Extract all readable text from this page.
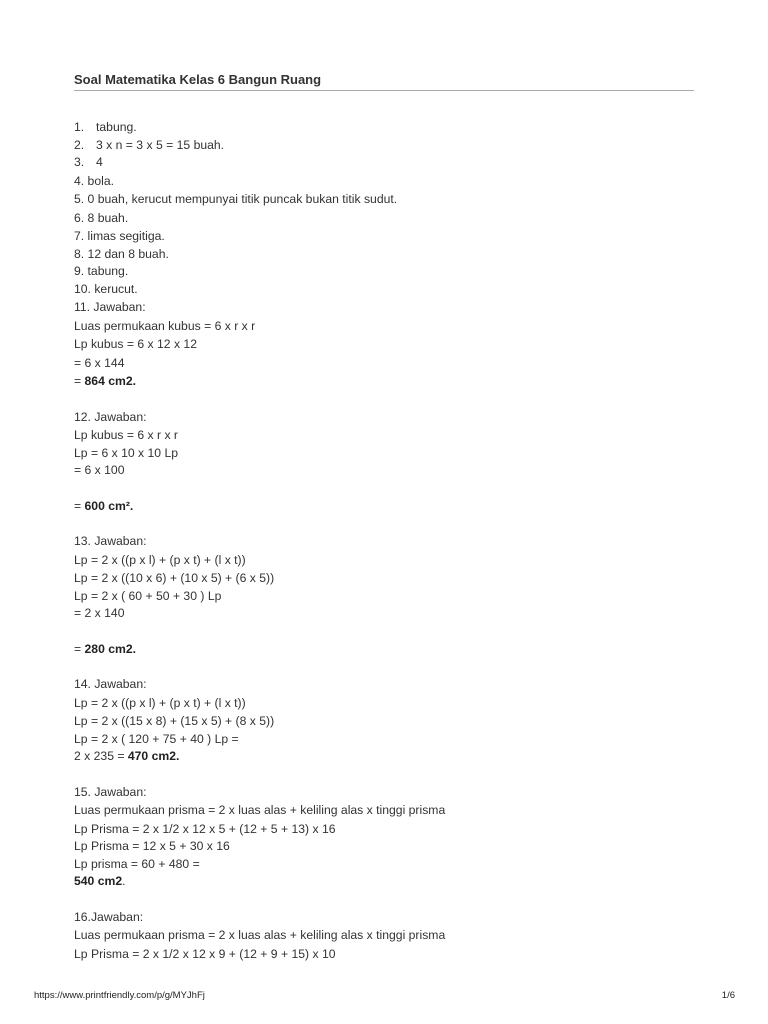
Soal Matematika Kelas 6 Bangun Ruang
1. tabung.
2. 3 x n = 3 x 5 = 15 buah.
3. 4
4. bola.
5. 0 buah, kerucut mempunyai titik puncak bukan titik sudut.
6. 8 buah.
7. limas segitiga.
8. 12 dan 8 buah.
9. tabung.
10. kerucut.
11. Jawaban:
Luas permukaan kubus = 6 x r x r
Lp kubus = 6 x 12 x 12
= 6 x 144
= 864 cm2.
12. Jawaban:
Lp kubus = 6 x r x r
Lp = 6 x 10 x 10 Lp
= 6 x 100
= 600 cm².
13. Jawaban:
Lp = 2 x ((p x l) + (p x t) + (l x t))
Lp = 2 x ((10 x 6) + (10 x 5) + (6 x 5))
Lp = 2 x ( 60 + 50 + 30 ) Lp
= 2 x 140
= 280 cm2.
14. Jawaban:
Lp = 2 x ((p x l) + (p x t) + (l x t))
Lp = 2 x ((15 x 8) + (15 x 5) + (8 x 5))
Lp = 2 x ( 120 + 75 + 40 ) Lp =
2 x 235 = 470 cm2.
15. Jawaban:
Luas permukaan prisma = 2 x luas alas + keliling alas x tinggi prisma
Lp Prisma = 2 x 1/2 x 12 x 5 + (12 + 5 + 13) x 16
Lp Prisma = 12 x 5 + 30 x 16
Lp prisma = 60 + 480 =
540 cm2.
16.Jawaban:
Luas permukaan prisma = 2 x luas alas + keliling alas x tinggi prisma
Lp Prisma = 2 x 1/2 x 12 x 9 + (12 + 9 + 15) x 10
https://www.printfriendly.com/p/g/MYJhFj	1/6
